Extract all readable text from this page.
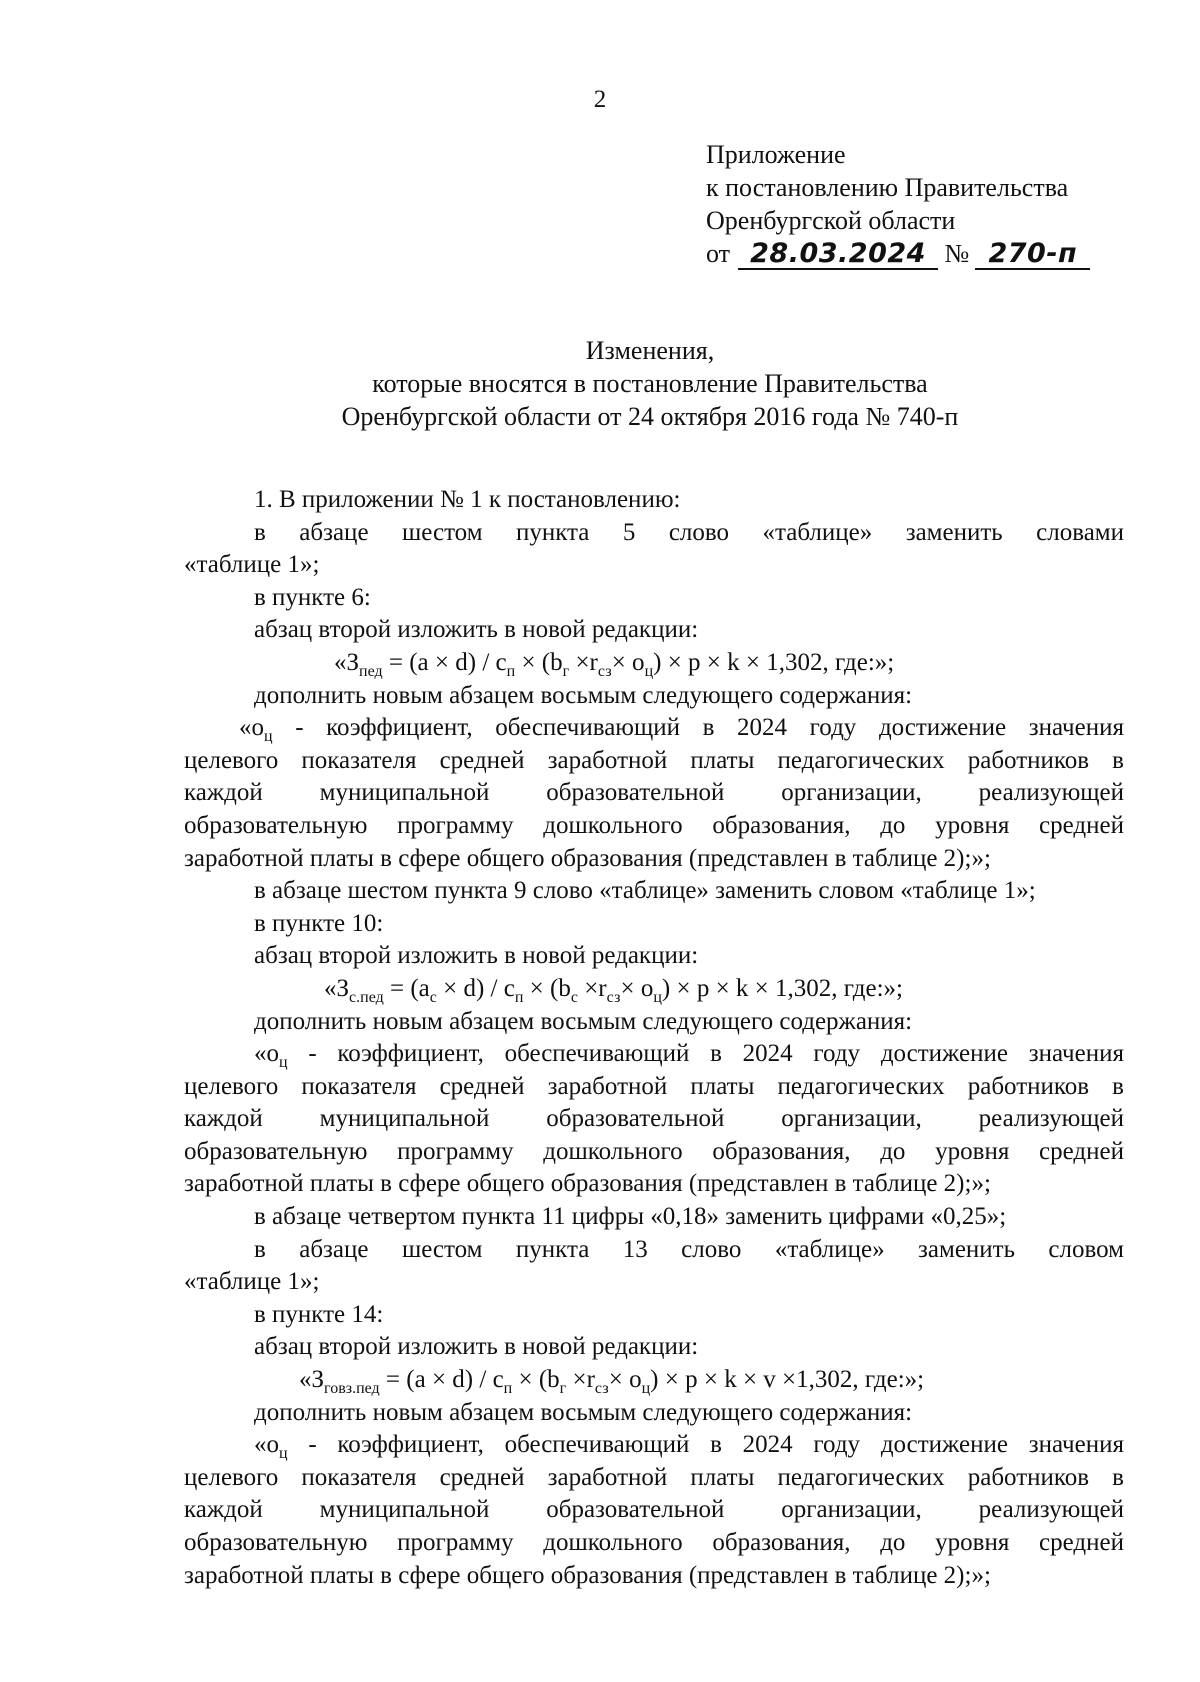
2
Приложение
к постановлению Правительства
Оренбургской области
от 28.03.2024 № 270-п
Изменения,
которые вносятся в постановление Правительства
Оренбургской области от 24 октября 2016 года № 740-п
1. В приложении № 1 к постановлению:
в абзаце шестом пункта 5 слово «таблице» заменить словами
«таблице 1»;
в пункте 6:
абзац второй изложить в новой редакции:
«$З_{пед} = (a \times d) / c_п \times (b_г \times r_{сз}\times о_ц) \times p \times k \times 1,302$, где:»;
дополнить новым абзацем восьмым следующего содержания:
«$о_ц$ - коэффициент, обеспечивающий в 2024 году достижение значения
целевого показателя средней заработной платы педагогических работников в
каждой муниципальной образовательной организации, реализующей
образовательную программу дошкольного образования, до уровня средней
заработной платы в сфере общего образования (представлен в таблице 2);»;
в абзаце шестом пункта 9 слово «таблице» заменить словом «таблице 1»;
в пункте 10:
абзац второй изложить в новой редакции:
«$З_{с.пед} = (a_с \times d) / c_п \times (b_с \times r_{сз}\times о_ц) \times p \times k \times 1,302$, где:»;
дополнить новым абзацем восьмым следующего содержания:
«$о_ц$ - коэффициент, обеспечивающий в 2024 году достижение значения
целевого показателя средней заработной платы педагогических работников в
каждой муниципальной образовательной организации, реализующей
образовательную программу дошкольного образования, до уровня средней
заработной платы в сфере общего образования (представлен в таблице 2);»;
в абзаце четвертом пункта 11 цифры «0,18» заменить цифрами «0,25»;
в абзаце шестом пункта 13 слово «таблице» заменить словом
«таблице 1»;
в пункте 14:
абзац второй изложить в новой редакции:
«$З_{говз.пед} = (a \times d) / c_п \times (b_г \times r_{сз}\times о_ц) \times p \times k \times v \times 1,302$, где:»;
дополнить новым абзацем восьмым следующего содержания:
«$о_ц$ - коэффициент, обеспечивающий в 2024 году достижение значения
целевого показателя средней заработной платы педагогических работников в
каждой муниципальной образовательной организации, реализующей
образовательную программу дошкольного образования, до уровня средней
заработной платы в сфере общего образования (представлен в таблице 2);»;
